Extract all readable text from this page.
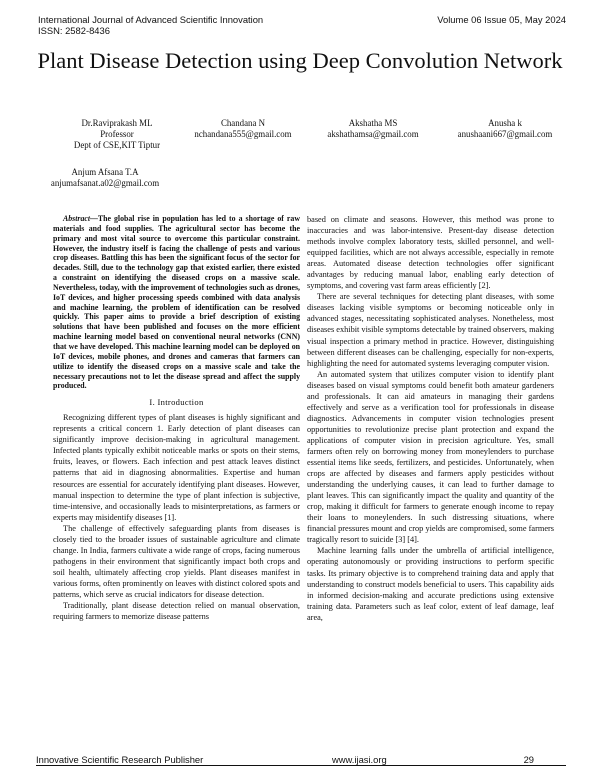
International Journal of Advanced Scientific Innovation
ISSN: 2582-8436
Volume 06 Issue 05, May 2024
Plant Disease Detection using Deep Convolution Network
Dr.Raviprakash ML
Professor
Dept of CSE,KIT Tiptur
Chandana N
nchandana555@gmail.com
Akshatha MS
akshathamsa@gmail.com
Anusha k
anushaani667@gmail.com
Anjum Afsana T.A
anjumafsanat.a02@gmail.com

Abstract—The global rise in population has led to a shortage of raw materials and food supplies. The agricultural sector has become the primary and most vital source to overcome this particular constraint. However, the industry itself is facing the challenge of pests and various crop diseases. Battling this has been the significant focus of the sector for decades. Still, due to the technology gap that existed earlier, there existed a constraint on identifying the diseased crops on a massive scale. Nevertheless, today, with the improvement of technologies such as drones, IoT devices, and higher processing speeds combined with data analysis and machine learning, the problem of identification can be resolved quickly. This paper aims to provide a brief description of existing solutions that have been published and focuses on the more efficient machine learning model based on conventional neural networks (CNN) that we have developed. This machine learning model can be deployed on IoT devices, mobile phones, and drones and cameras that farmers can utilize to identify the diseased crops on a massive scale and take the necessary precautions not to let the disease spread and affect the supply produced.

I. Introduction

Recognizing different types of plant diseases is highly significant and represents a critical concern 1. Early detection of plant diseases can significantly improve decision-making in agricultural management. Infected plants typically exhibit noticeable marks or spots on their stems, fruits, leaves, or flowers. Each infection and pest attack leaves distinct patterns that aid in diagnosing abnormalities. Expertise and human resources are essential for accurately identifying plant diseases. However, manual inspection to determine the type of plant infection is subjective, time-intensive, and occasionally leads to misinterpretations, as farmers or experts may misidentify diseases [1].

The challenge of effectively safeguarding plants from diseases is closely tied to the broader issues of sustainable agriculture and climate change. In India, farmers cultivate a wide range of crops, facing numerous pathogens in their environment that significantly impact both crops and soil health, ultimately affecting crop yields. Plant diseases manifest in various forms, often prominently on leaves with distinct colored spots and patterns, which serve as crucial indicators for disease detection.

Traditionally, plant disease detection relied on manual observation, requiring farmers to memorize disease patterns

based on climate and seasons. However, this method was prone to inaccuracies and was labor-intensive. Present-day disease detection methods involve complex laboratory tests, skilled personnel, and well-equipped facilities, which are not always accessible, especially in remote areas. Automated disease detection technologies offer significant advantages by reducing manual labor, enabling early detection of symptoms, and covering vast farm areas efficiently [2].

There are several techniques for detecting plant diseases, with some diseases lacking visible symptoms or becoming noticeable only in advanced stages, necessitating sophisticated analyses. Nonetheless, most diseases exhibit visible symptoms detectable by trained observers, making visual inspection a primary method in practice. However, distinguishing between different diseases can be challenging, especially for non-experts, highlighting the need for automated systems leveraging computer vision.

An automated system that utilizes computer vision to identify plant diseases based on visual symptoms could benefit both amateur gardeners and professionals. It can aid amateurs in managing their gardens effectively and serve as a verification tool for professionals in disease diagnostics. Advancements in computer vision technologies present opportunities to revolutionize precise plant protection and expand the applications of computer vision in precision agriculture. Yes, small farmers often rely on borrowing money from moneylenders to purchase essential items like seeds, fertilizers, and pesticides. Unfortunately, when crops are affected by diseases and farmers apply pesticides without understanding the underlying causes, it can lead to further damage to plant leaves. This can significantly impact the quality and quantity of the crop, making it difficult for farmers to generate enough income to repay their loans to moneylenders. In such distressing situations, where financial pressures mount and crop yields are compromised, some farmers tragically resort to suicide [3] [4].

Machine learning falls under the umbrella of artificial intelligence, operating autonomously or providing instructions to perform specific tasks. Its primary objective is to comprehend training data and apply that understanding to construct models beneficial to users. This capability aids in informed decision-making and accurate predictions using extensive training data. Parameters such as leaf color, extent of leaf damage, leaf area,

Innovative Scientific Research Publisher	www.ijasi.org	29
